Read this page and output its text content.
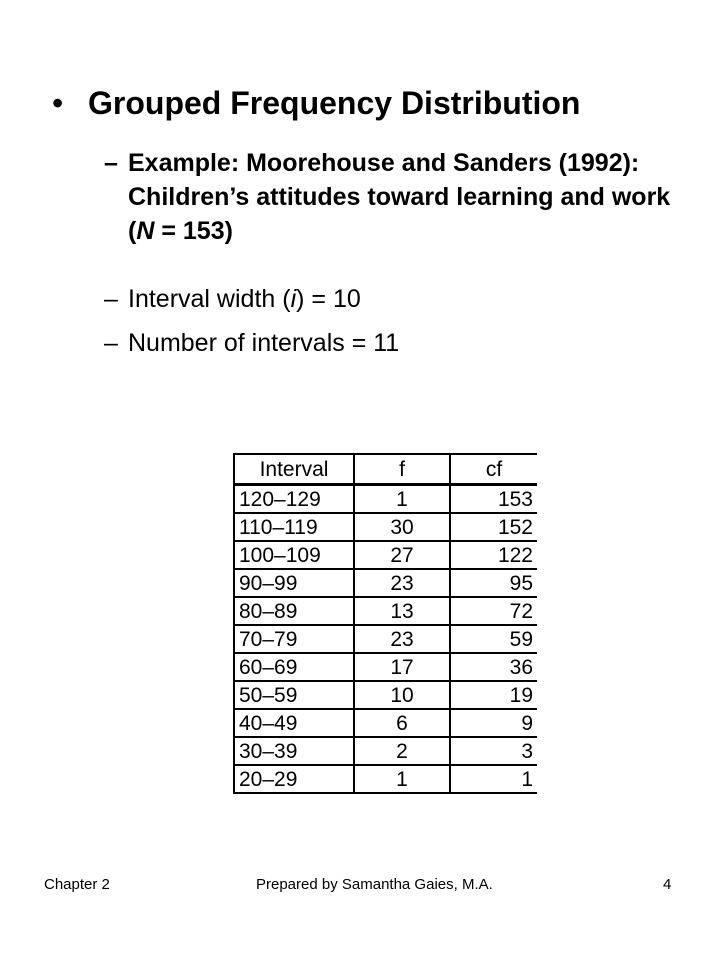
• Grouped Frequency Distribution
– Example: Moorehouse and Sanders (1992): Children’s attitudes toward learning and work (N = 153)
– Interval width (i) = 10
– Number of intervals = 11
Interval	f	cf
120–129	1	153
110–119	30	152
100–109	27	122
90–99	23	95
80–89	13	72
70–79	23	59
60–69	17	36
50–59	10	19
40–49	6	9
30–39	2	3
20–29	1	1
Chapter 2	Prepared by Samantha Gaies, M.A.	4
